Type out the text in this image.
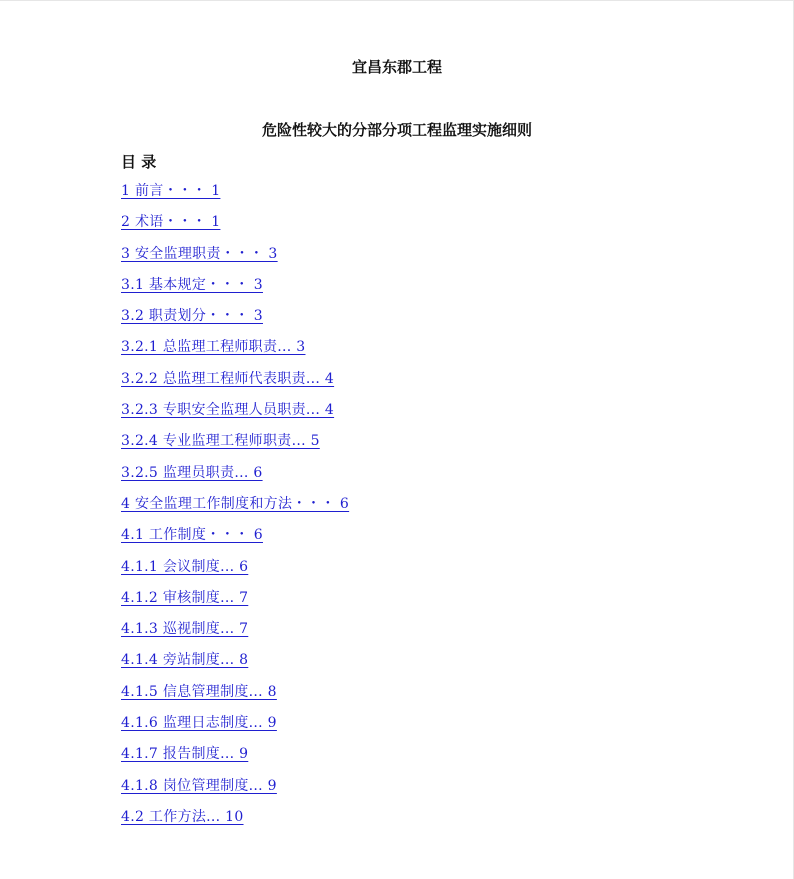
宜昌东郡工程
危险性较大的分部分项工程监理实施细则
目 录
1 前言・・・ 1
2 术语・・・ 1
3 安全监理职责・・・ 3
3.1 基本规定・・・ 3
3.2 职责划分・・・ 3
3.2.1 总监理工程师职责... 3
3.2.2 总监理工程师代表职责... 4
3.2.3 专职安全监理人员职责... 4
3.2.4 专业监理工程师职责... 5
3.2.5 监理员职责... 6
4 安全监理工作制度和方法・・・ 6
4.1 工作制度・・・ 6
4.1.1 会议制度... 6
4.1.2 审核制度... 7
4.1.3 巡视制度... 7
4.1.4 旁站制度... 8
4.1.5 信息管理制度... 8
4.1.6 监理日志制度... 9
4.1.7 报告制度... 9
4.1.8 岗位管理制度... 9
4.2 工作方法... 10
